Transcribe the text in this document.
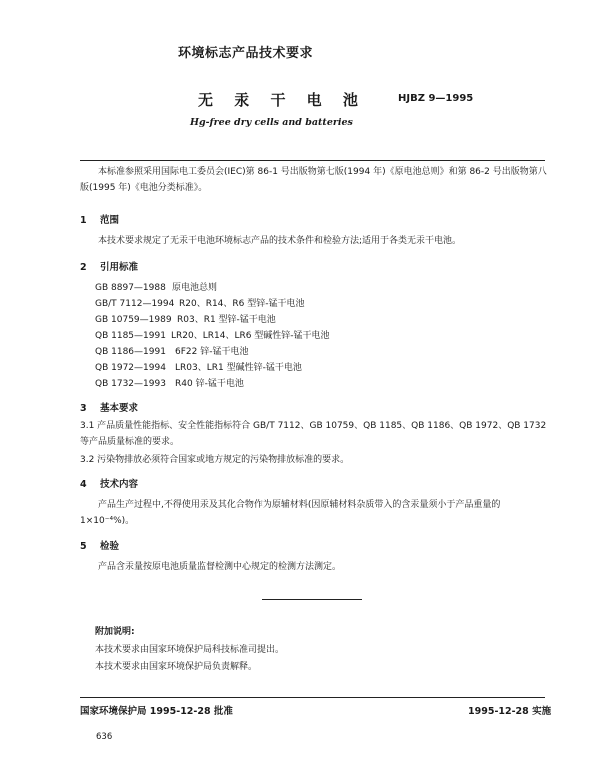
环境标志产品技术要求
无 汞 干 电 池	HJBZ 9—1995
Hg-free dry cells and batteries
本标准参照采用国际电工委员会(IEC)第 86-1 号出版物第七版(1994 年)《原电池总则》和第 86-2 号出版物第八版(1995 年)《电池分类标准》。
1 范围
本技术要求规定了无汞干电池环境标志产品的技术条件和检验方法;适用于各类无汞干电池。
2 引用标准
GB 8897—1988 原电池总则
GB/T 7112—1994 R20、R14、R6 型锌-锰干电池
GB 10759—1989 R03、R1 型锌-锰干电池
QB 1185—1991 LR20、LR14、LR6 型碱性锌-锰干电池
QB 1186—1991 6F22 锌-锰干电池
QB 1972—1994 LR03、LR1 型碱性锌-锰干电池
QB 1732—1993 R40 锌-锰干电池
3 基本要求
3.1 产品质量性能指标、安全性能指标符合 GB/T 7112、GB 10759、QB 1185、QB 1186、QB 1972、QB 1732等产品质量标准的要求。
3.2 污染物排放必须符合国家或地方规定的污染物排放标准的要求。
4 技术内容
产品生产过程中,不得使用汞及其化合物作为原辅材料(因原辅材料杂质带入的含汞量须小于产品重量的 1×10⁻⁴%)。
5 检验
产品含汞量按原电池质量监督检测中心规定的检测方法测定。
附加说明:
本技术要求由国家环境保护局科技标准司提出。
本技术要求由国家环境保护局负责解释。
国家环境保护局 1995-12-28 批准	1995-12-28 实施
636
